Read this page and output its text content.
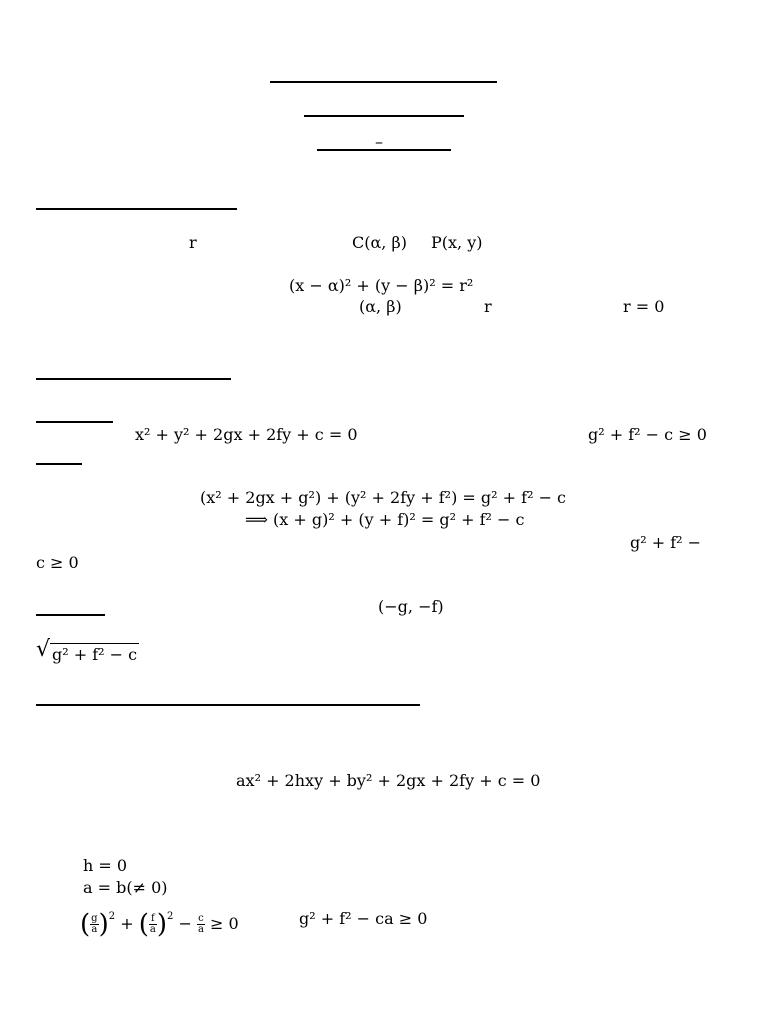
–
r	C(α, β) P(x, y)
(x − α)² + (y − β)² = r²
(α, β)	r	r = 0
x² + y² + 2gx + 2fy + c = 0	g² + f² − c ≥ 0
(x² + 2gx + g²) + (y² + 2fy + f²) = g² + f² − c
⟹ (x + g)² + (y + f)² = g² + f² − c
g² + f² −
c ≥ 0
(−g, −f)
√ g² + f² − c
ax² + 2hxy + by² + 2gx + 2fy + c = 0
h = 0
a = b(≠ 0)
( $\frac{g}{a} )^2$ + ( $\frac{f}{a} )^2 - \frac{c}{a} \ge 0$	g² + f² − ca ≥ 0
